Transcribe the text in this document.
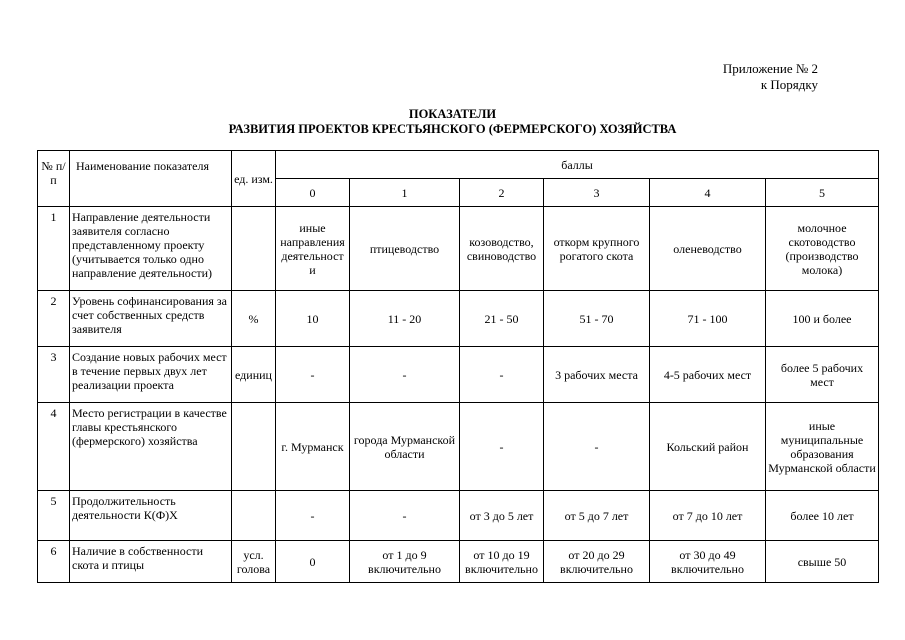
Приложение № 2
к Порядку
ПОКАЗАТЕЛИ
РАЗВИТИЯ ПРОЕКТОВ КРЕСТЬЯНСКОГО (ФЕРМЕРСКОГО) ХОЗЯЙСТВА
№ п/п	Наименование показателя	ед. изм.	баллы					
			0	1	2	3	4	5
1	Направление деятельности заявителя согласно представленному проекту (учитывается только одно направление деятельности)		иные направления деятельност и	птицеводство	козоводство, свиноводство	откорм крупного рогатого скота	оленеводство	молочное скотоводство (производство молока)
2	Уровень софинансирования за счет собственных средств заявителя	%	10	11 - 20	21 - 50	51 - 70	71 - 100	100 и более
3	Создание новых рабочих мест в течение первых двух лет реализации проекта	единиц	-	-	-	3 рабочих места	4-5 рабочих мест	более 5 рабочих мест
4	Место регистрации в качестве главы крестьянского (фермерского) хозяйства		г. Мурманск	города Мурманской области	-	-	Кольский район	иные муниципальные образования Мурманской области
5	Продолжительность деятельности К(Ф)Х		-	-	от 3 до 5 лет	от 5 до 7 лет	от 7 до 10 лет	более 10 лет
6	Наличие в собственности скота и птицы	усл. голова	0	от 1 до 9 включительно	от 10 до 19 включительно	от 20 до 29 включительно	от 30 до 49 включительно	свыше 50
